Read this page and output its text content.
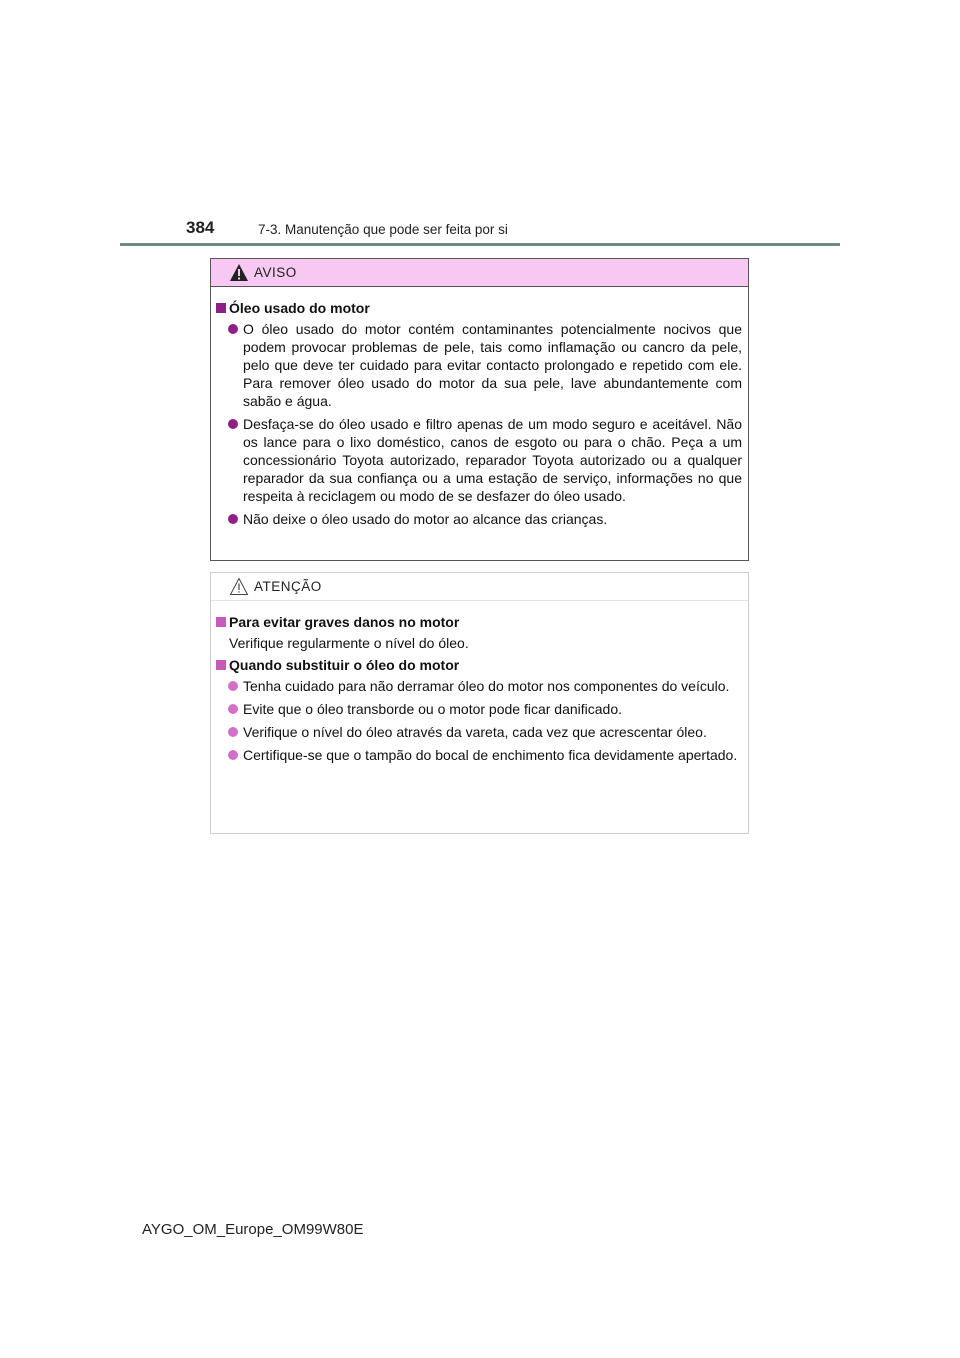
384	7-3. Manutenção que pode ser feita por si
AVISO
Óleo usado do motor
O óleo usado do motor contém contaminantes potencialmente nocivos que podem provocar problemas de pele, tais como inflamação ou cancro da pele, pelo que deve ter cuidado para evitar contacto prolongado e repetido com ele. Para remover óleo usado do motor da sua pele, lave abundantemente com sabão e água.
Desfaça-se do óleo usado e filtro apenas de um modo seguro e aceitável. Não os lance para o lixo doméstico, canos de esgoto ou para o chão. Peça a um concessionário Toyota autorizado, reparador Toyota autorizado ou a qualquer reparador da sua confiança ou a uma estação de serviço, informações no que respeita à reciclagem ou modo de se desfazer do óleo usado.
Não deixe o óleo usado do motor ao alcance das crianças.
ATENÇÃO
Para evitar graves danos no motor
Verifique regularmente o nível do óleo.
Quando substituir o óleo do motor
Tenha cuidado para não derramar óleo do motor nos componentes do veículo.
Evite que o óleo transborde ou o motor pode ficar danificado.
Verifique o nível do óleo através da vareta, cada vez que acrescentar óleo.
Certifique-se que o tampão do bocal de enchimento fica devidamente apertado.
AYGO_OM_Europe_OM99W80E
